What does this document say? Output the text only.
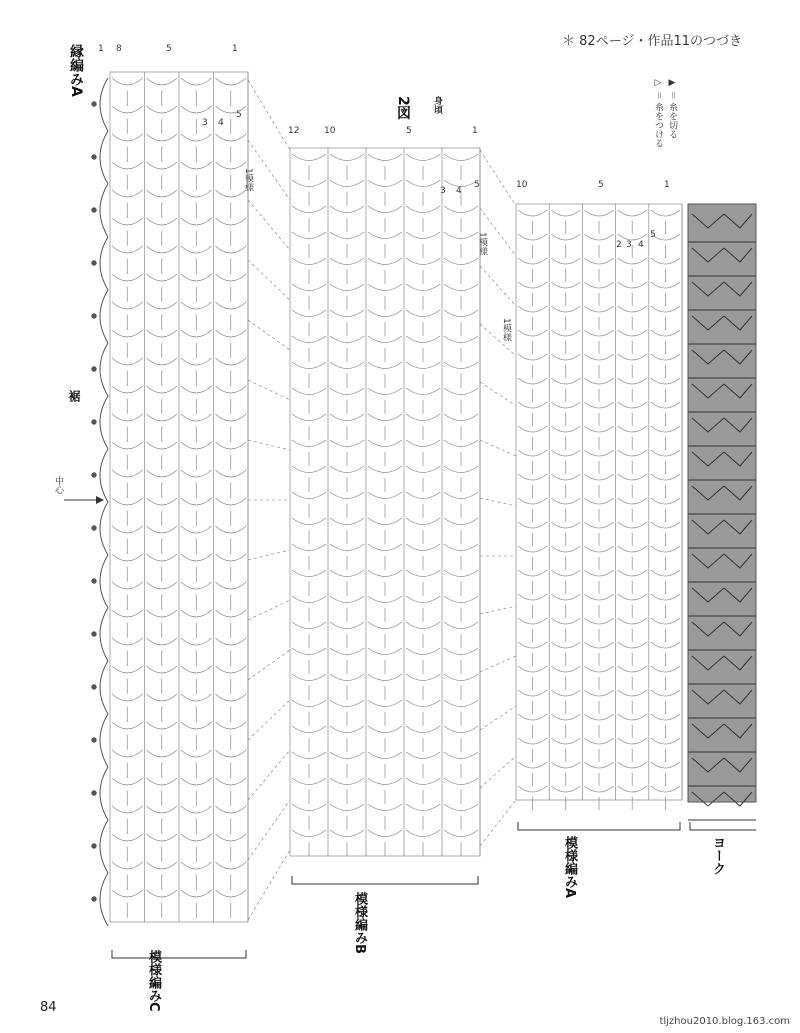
＊ 82ページ・作品11のつづき
2図 身頃	▷ ＝ 糸をつける ▶ ＝ 糸を切る
縁編みA
裾
中心
1模様
1模様
1模様
模様編みC
模様編みB
模様編みA	ヨーク
1	5
8	1
3 4
5
12	10	5	1
3 4
5	10	5	1
2 3 4
5
84
tljzhou2010.blog.163.com
